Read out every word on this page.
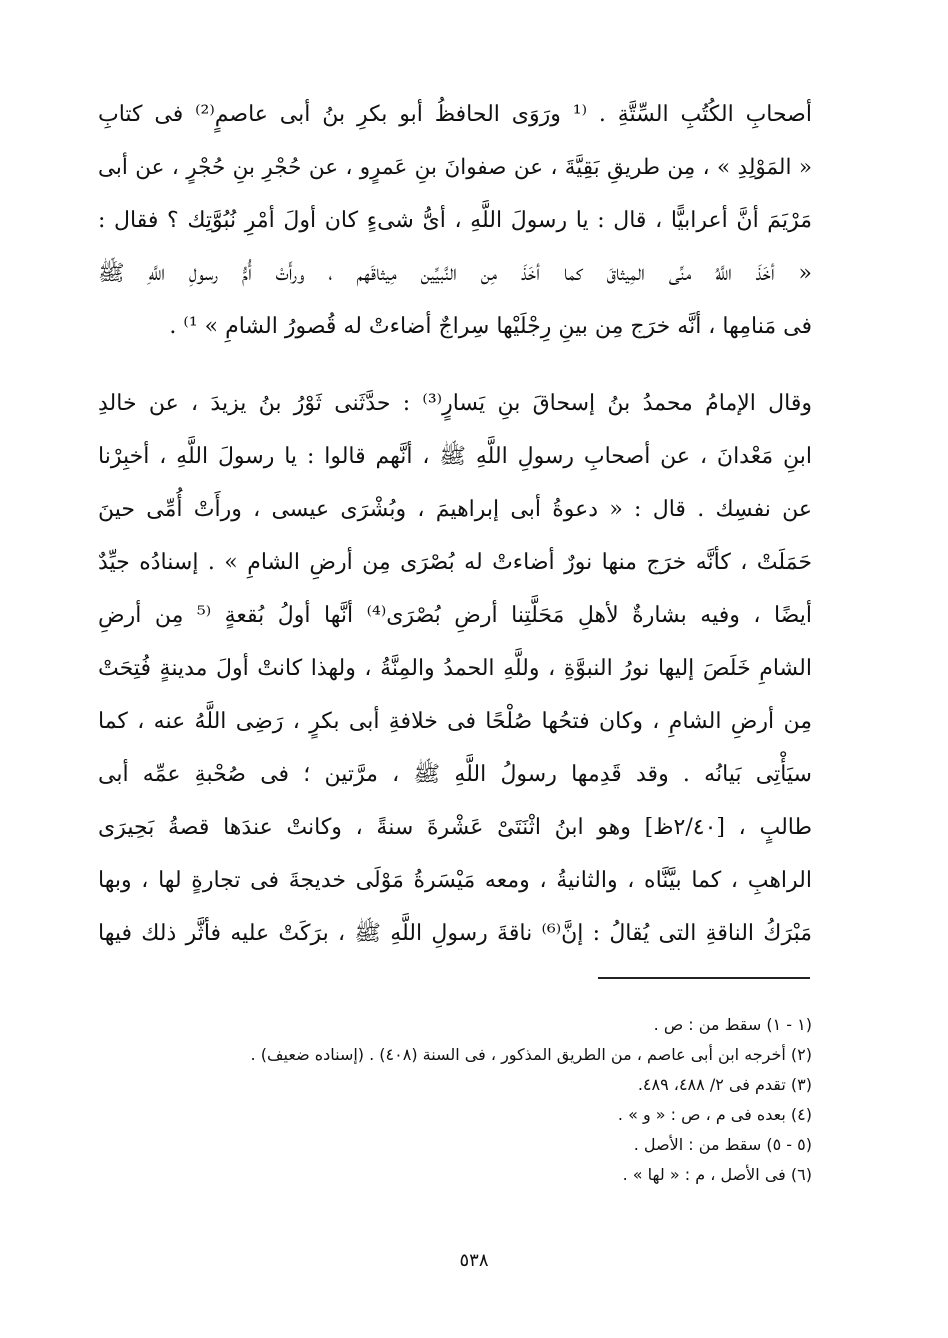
أصحابِ الكُتُبِ السِّتَّةِ . ⁽¹ ورَوَى الحافظُ أبو بكرِ بنُ أبى عاصمٍ⁽²⁾ فى كتابِ
« المَوْلِدِ » ، مِن طريقِ بَقِيَّةَ ، عن صفوانَ بنِ عَمرٍو ، عن حُجْرِ بنِ حُجْرٍ ، عن أبى
مَرْيَمَ أنَّ أعرابيًّا ، قال : يا رسولَ اللَّهِ ، أىُّ شىءٍ كان أولَ أمْرِ نُبُوَّتِك ؟ فقال :
« أخَذَ اللَّهُ منِّى المِيثاقَ كما أخَذَ مِن النَّبيِّين مِيثاقَهم ، ورأَتْ أُمُّ رسولِ اللَّهِ ﷺ
فى مَنامِها ، أنَّه خرَج مِن بينِ رِجْلَيْها سِراجٌ أضاءتْ له قُصورُ الشامِ » ¹⁾ .
وقال الإمامُ محمدُ بنُ إسحاقَ بنِ يَسارٍ⁽³⁾ : حدَّثَنى ثَوْرُ بنُ يزيدَ ، عن خالدِ
ابنِ مَعْدانَ ، عن أصحابِ رسولِ اللَّهِ ﷺ ، أنَّهم قالوا : يا رسولَ اللَّهِ ، أخبِرْنا
عن نفسِك . قال : « دعوةُ أبى إبراهيمَ ، وبُشْرَى عيسى ، ورأَتْ أُمِّى حينَ
حَمَلَتْ ، كأنَّه خرَج منها نورٌ أضاءتْ له بُصْرَى مِن أرضِ الشامِ » . إسنادُه جيِّدٌ
أيضًا ، وفيه بشارةٌ لأهلِ مَحَلَّتِنا أرضِ بُصْرَى⁽⁴⁾ أنَّها أولُ بُقعةٍ ⁽⁵ مِن أرضِ
الشامِ خَلَصَ إليها نورُ النبوَّةِ ، وللَّهِ الحمدُ والمِنَّةُ ، ولهذا كانتْ أولَ مدينةٍ فُتِحَتْ
مِن أرضِ الشامِ ، وكان فتحُها صُلْحًا فى خلافةِ أبى بكرٍ ، رَضِى اللَّهُ عنه ، كما
سيَأْتِى بَيانُه . وقد قَدِمها رسولُ اللَّهِ ﷺ ، مرَّتين ؛ فى صُحْبةِ عمِّه أبى
طالبٍ ، [٢/٤٠ظ] وهو ابنُ اثْنَتَىْ عَشْرةَ سنةً ، وكانتْ عندَها قصةُ بَحِيرَى
الراهبِ ، كما بيَّنَّاه ، والثانيةُ ، ومعه مَيْسَرةُ مَوْلَى خديجةَ فى تجارةٍ لها ، وبها
مَبْرَكُ الناقةِ التى يُقالُ : إنَّ⁽⁶⁾ ناقةَ رسولِ اللَّهِ ﷺ ، برَكَتْ عليه فأثَّر ذلك فيها
(١ - ١) سقط من : ص .
(٢) أخرجه ابن أبى عاصم ، من الطريق المذكور ، فى السنة (٤٠٨) . (إسناده ضعيف) .
(٣) تقدم فى ٢/ ٤٨٨، ٤٨٩.
(٤) بعده فى م ، ص : « و » .
(٥ - ٥) سقط من : الأصل .
(٦) فى الأصل ، م : « لها » .
٥٣٨
